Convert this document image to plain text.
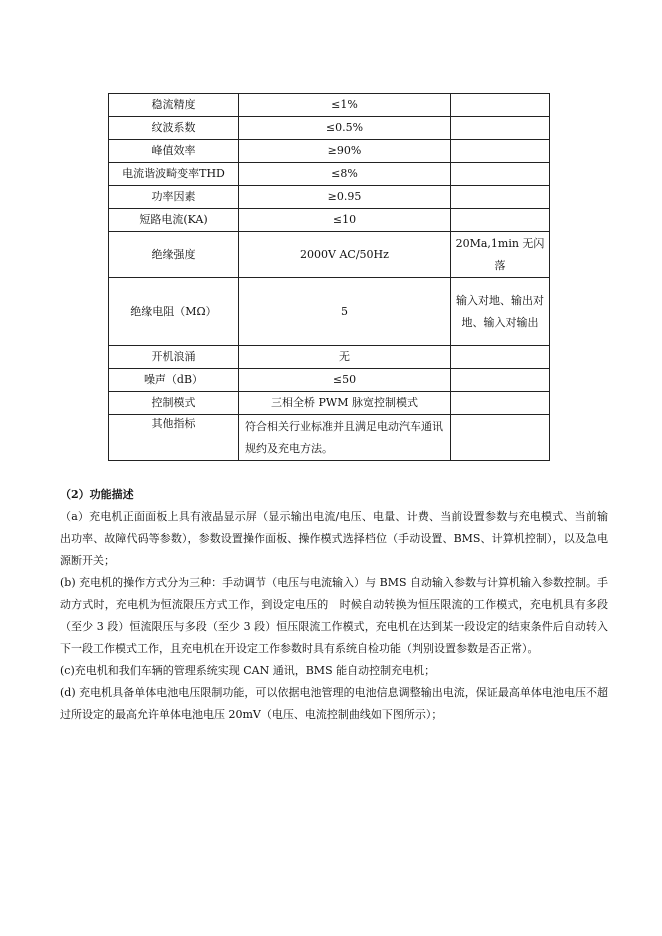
稳流精度	≤1%	
纹波系数	≤0.5%	
峰值效率	≥90%	
电流谐波畸变率THD	≤8%	
功率因素	≥0.95	
短路电流(KA)	≤10	
绝缘强度	2000V AC/50Hz	20Ma,1min 无闪落
绝缘电阻（MΩ）	5	输入对地、输出对地、输入对输出
开机浪涌	无	
噪声（dB）	≤50	
控制模式	三相全桥 PWM 脉宽控制模式	
其他指标	符合相关行业标准并且满足电动汽车通讯规约及充电方法。	

（2）功能描述

（a）充电机正面面板上具有液晶显示屏（显示输出电流/电压、电量、计费、当前设置参数与充电模式、当前输出功率、故障代码等参数），参数设置操作面板、操作模式选择档位（手动设置、BMS、计算机控制），以及急电源断开关；

(b) 充电机的操作方式分为三种：手动调节（电压与电流输入）与 BMS 自动输入参数与计算机输入参数控制。手动方式时，充电机为恒流限压方式工作，到设定电压的　时候自动转换为恒压限流的工作模式，充电机具有多段（至少 3 段）恒流限压与多段（至少 3 段）恒压限流工作模式，充电机在达到某一段设定的结束条件后自动转入下一段工作模式工作，且充电机在开设定工作参数时具有系统自检功能（判别设置参数是否正常）。

(c)充电机和我们车辆的管理系统实现 CAN 通讯，BMS 能自动控制充电机；

(d) 充电机具备单体电池电压限制功能，可以依据电池管理的电池信息调整输出电流，保证最高单体电池电压不超过所设定的最高允许单体电池电压 20mV（电压、电流控制曲线如下图所示）；
